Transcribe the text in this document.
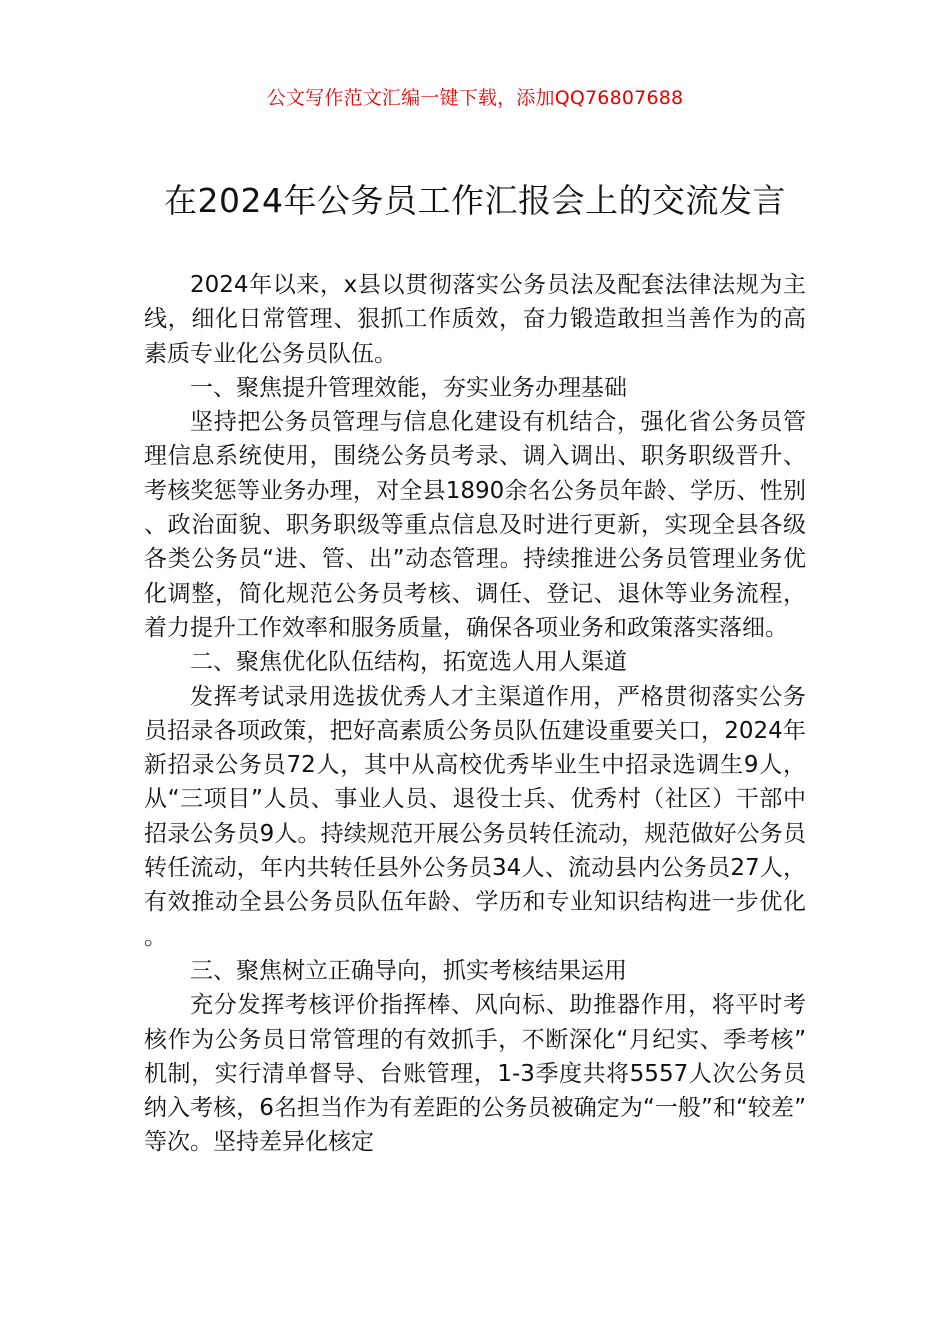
公文写作范文汇编一键下载，添加QQ76807688
在2024年公务员工作汇报会上的交流发言

2024年以来，x县以贯彻落实公务员法及配套法律法规为主线，细化日常管理、狠抓工作质效，奋力锻造敢担当善作为的高素质专业化公务员队伍。

一、聚焦提升管理效能，夯实业务办理基础

坚持把公务员管理与信息化建设有机结合，强化省公务员管理信息系统使用，围绕公务员考录、调入调出、职务职级晋升、考核奖惩等业务办理，对全县1890余名公务员年龄、学历、性别、政治面貌、职务职级等重点信息及时进行更新，实现全县各级各类公务员“进、管、出”动态管理。持续推进公务员管理业务优化调整，简化规范公务员考核、调任、登记、退休等业务流程，着力提升工作效率和服务质量，确保各项业务和政策落实落细。

二、聚焦优化队伍结构，拓宽选人用人渠道

发挥考试录用选拔优秀人才主渠道作用，严格贯彻落实公务员招录各项政策，把好高素质公务员队伍建设重要关口，2024年新招录公务员72人，其中从高校优秀毕业生中招录选调生9人，从“三项目”人员、事业人员、退役士兵、优秀村（社区）干部中招录公务员9人。持续规范开展公务员转任流动，规范做好公务员转任流动，年内共转任县外公务员34人、流动县内公务员27人，有效推动全县公务员队伍年龄、学历和专业知识结构进一步优化。

三、聚焦树立正确导向，抓实考核结果运用

充分发挥考核评价指挥棒、风向标、助推器作用，将平时考核作为公务员日常管理的有效抓手，不断深化“月纪实、季考核”机制，实行清单督导、台账管理，1-3季度共将5557人次公务员纳入考核，6名担当作为有差距的公务员被确定为“一般”和“较差”等次。坚持差异化核定
